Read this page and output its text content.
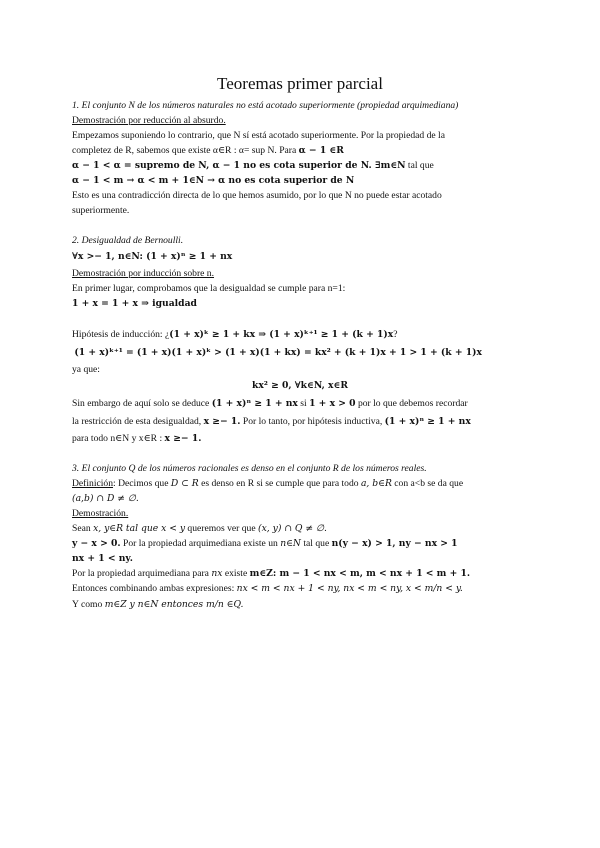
Teoremas primer parcial
1. El conjunto N de los números naturales no está acotado superiormente (propiedad arquimediana)
Demostración por reducción al absurdo.
Empezamos suponiendo lo contrario, que N sí está acotado superiormente. Por la propiedad de la
completez de R, sabemos que existe α∈R : α= sup N. Para α − 1 ∈R
α − 1 < α = supremo de N, α − 1 no es cota superior de N. ∃m∈N tal que
α − 1 < m → α < m + 1∈N → α no es cota superior de N
Esto es una contradicción directa de lo que hemos asumido, por lo que N no puede estar acotado
superiormente.
2. Desigualdad de Bernoulli.
∀x >− 1, n∈N: (1 + x)ⁿ ≥ 1 + nx
Demostración por inducción sobre n.
En primer lugar, comprobamos que la desigualdad se cumple para n=1:
1 + x = 1 + x ⇒ igualdad
Hipótesis de inducción: ¿(1 + x)ᵏ ≥ 1 + kx ⇒ (1 + x)ᵏ⁺¹ ≥ 1 + (k + 1)x?
(1 + x)ᵏ⁺¹ = (1 + x)(1 + x)ᵏ > (1 + x)(1 + kx) = kx² + (k + 1)x + 1 > 1 + (k + 1)x
ya que:
kx² ≥ 0, ∀k∈N, x∈R
Sin embargo de aquí solo se deduce (1 + x)ⁿ ≥ 1 + nx si 1 + x > 0 por lo que debemos recordar
la restricción de esta desigualdad, x ≥− 1. Por lo tanto, por hipótesis inductiva, (1 + x)ⁿ ≥ 1 + nx
para todo n∈N y x∈R : x ≥− 1.
3. El conjunto Q de los números racionales es denso en el conjunto R de los números reales.
Definición: Decimos que D ⊂ R es denso en R si se cumple que para todo a, b∈R con a<b se da que
(a,b) ∩ D ≠ ∅.
Demostración.
Sean x, y∈R tal que x < y queremos ver que (x, y) ∩ Q ≠ ∅.
y − x > 0. Por la propiedad arquimediana existe un n∈N tal que n(y − x) > 1, ny − nx > 1
nx + 1 < ny.
Por la propiedad arquimediana para nx existe m∈Z: m − 1 < nx < m, m < nx + 1 < m + 1.
Entonces combinando ambas expresiones: nx < m < nx + 1 < ny, nx < m < ny, x < m/n < y.
Y como m∈Z y n∈N entonces m/n ∈Q.
